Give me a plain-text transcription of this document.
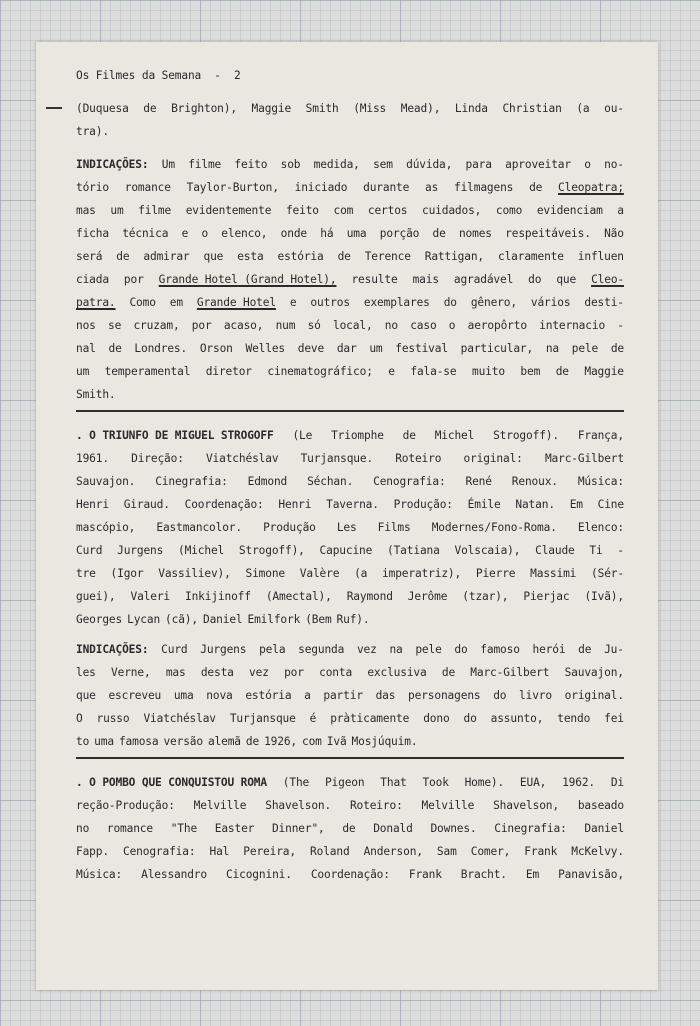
Os Filmes da Semana  -  2
(Duquesa de Brighton), Maggie Smith (Miss Mead), Linda Christian (a ou-
tra).
INDICAÇÕES: Um filme feito sob medida, sem dúvida, para aproveitar o no-
tório romance Taylor-Burton, iniciado durante as filmagens de Cleopatra;
mas um filme evidentemente feito com certos cuidados, como evidenciam a
ficha técnica e o elenco, onde há uma porção de nomes respeitáveis. Não
será de admirar que esta estória de Terence Rattigan, claramente influen
ciada por Grande Hotel (Grand Hotel), resulte mais agradável do que Cleo-
patra. Como em Grande Hotel e outros exemplares do gênero, vários desti-
nos se cruzam, por acaso, num só local, no caso o aeropôrto internacio -
nal de Londres. Orson Welles deve dar um festival particular, na pele de
um temperamental diretor cinematográfico; e fala-se muito bem de Maggie
Smith.
. O TRIUNFO DE MIGUEL STROGOFF (Le Triomphe de Michel Strogoff). França,
1961. Direção: Viatchéslav Turjansque. Roteiro original: Marc-Gilbert
Sauvajon. Cinegrafia: Edmond Séchan. Cenografia: René Renoux. Música:
Henri Giraud. Coordenação: Henri Taverna. Produção: Émile Natan. Em Cine
mascópio, Eastmancolor. Produção Les Films Modernes/Fono-Roma. Elenco:
Curd Jurgens (Michel Strogoff), Capucine (Tatiana Volscaia), Claude Ti -
tre (Igor Vassiliev), Simone Valère (a imperatriz), Pierre Massimi (Sér-
guei), Valeri Inkijinoff (Amectal), Raymond Jerôme (tzar), Pierjac (Ivã),
Georges Lycan (cã), Daniel Emilfork (Bem Ruf).
INDICAÇÕES: Curd Jurgens pela segunda vez na pele do famoso herói de Ju-
les Verne, mas desta vez por conta exclusiva de Marc-Gilbert Sauvajon,
que escreveu uma nova estória a partir das personagens do livro original.
O russo Viatchéslav Turjansque é pràticamente dono do assunto, tendo fei
to uma famosa versão alemã de 1926, com Ivã Mosjúquim.
. O POMBO QUE CONQUISTOU ROMA (The Pigeon That Took Home). EUA, 1962. Di
reção-Produção: Melville Shavelson. Roteiro: Melville Shavelson, baseado
no romance "The Easter Dinner", de Donald Downes. Cinegrafia: Daniel
Fapp. Cenografia: Hal Pereira, Roland Anderson, Sam Comer, Frank McKelvy.
Música: Alessandro Cicognini. Coordenação: Frank Bracht. Em Panavisão,
